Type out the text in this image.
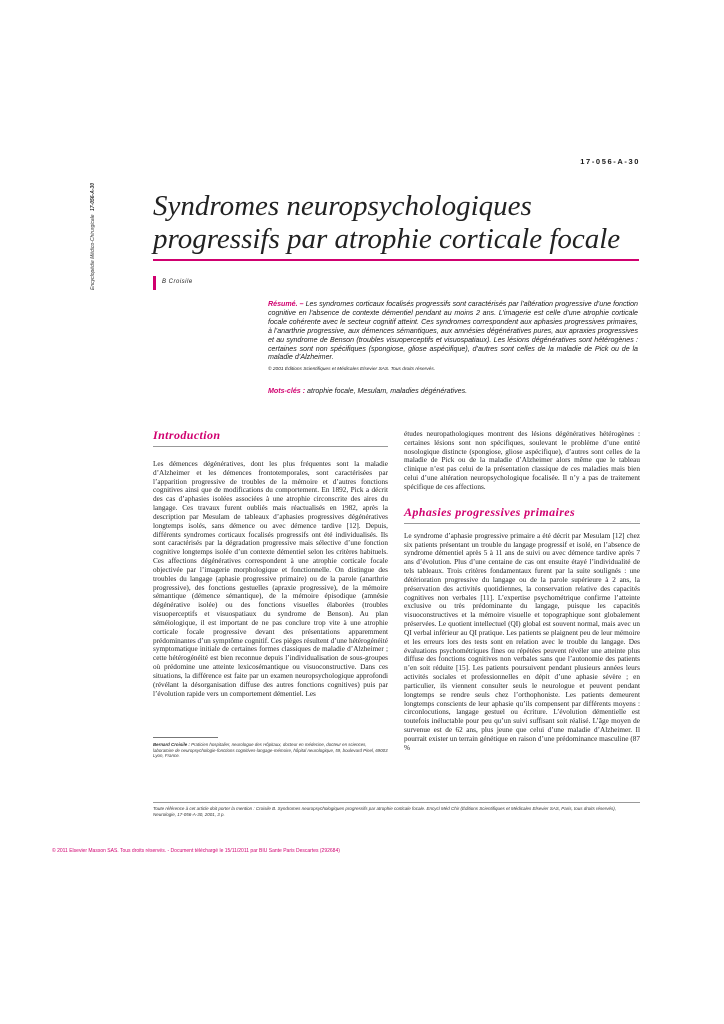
Encyclopédie Médico-Chirurgicale 17-056-A-30
17-056-A-30
Syndromes neuropsychologiques progressifs par atrophie corticale focale
B Croisile

Résumé. – Les syndromes corticaux focalisés progressifs sont caractérisés par l’altération progressive d’une fonction cognitive en l’absence de contexte démentiel pendant au moins 2 ans. L’imagerie est celle d’une atrophie corticale focale cohérente avec le secteur cognitif atteint. Ces syndromes correspondent aux aphasies progressives primaires, à l’anarthrie progressive, aux démences sémantiques, aux amnésies dégénératives pures, aux apraxies progressives et au syndrome de Benson (troubles visuoperceptifs et visuospatiaux). Les lésions dégénératives sont hétérogènes : certaines sont non spécifiques (spongiose, gliose aspécifique), d’autres sont celles de la maladie de Pick ou de la maladie d’Alzheimer.

© 2001 Éditions Scientifiques et Médicales Elsevier SAS. Tous droits réservés.
Mots-clés : atrophie focale, Mesulam, maladies dégénératives.
Introduction

Les démences dégénératives, dont les plus fréquentes sont la maladie d’Alzheimer et les démences frontotemporales, sont caractérisées par l’apparition progressive de troubles de la mémoire et d’autres fonctions cognitives ainsi que de modifications du comportement. En 1892, Pick a décrit des cas d’aphasies isolées associées à une atrophie circonscrite des aires du langage. Ces travaux furent oubliés mais réactualisés en 1982, après la description par Mesulam de tableaux d’aphasies progressives dégénératives longtemps isolés, sans démence ou avec démence tardive [12]. Depuis, différents syndromes corticaux focalisés progressifs ont été individualisés. Ils sont caractérisés par la dégradation progressive mais sélective d’une fonction cognitive longtemps isolée d’un contexte démentiel selon les critères habituels. Ces affections dégénératives correspondent à une atrophie corticale focale objectivée par l’imagerie morphologique et fonctionnelle. On distingue des troubles du langage (aphasie progressive primaire) ou de la parole (anarthrie progressive), des fonctions gestuelles (apraxie progressive), de la mémoire sémantique (démence sémantique), de la mémoire épisodique (amnésie dégénérative isolée) ou des fonctions visuelles élaborées (troubles visuoperceptifs et visuospatiaux du syndrome de Benson). Au plan séméiologique, il est important de ne pas conclure trop vite à une atrophie corticale focale progressive devant des présentations apparemment prédominantes d’un symptôme cognitif. Ces pièges résultent d’une hétérogénéité symptomatique initiale de certaines formes classiques de maladie d’Alzheimer ; cette hétérogénéité est bien reconnue depuis l’individualisation de sous-groupes où prédomine une atteinte lexicosémantique ou visuoconstructive. Dans ces situations, la différence est faite par un examen neuropsychologique approfondi (révélant la désorganisation diffuse des autres fonctions cognitives) puis par l’évolution rapide vers un comportement démentiel. Les

études neuropathologiques montrent des lésions dégénératives hétérogènes : certaines lésions sont non spécifiques, soulevant le problème d’une entité nosologique distincte (spongiose, gliose aspécifique), d’autres sont celles de la maladie de Pick ou de la maladie d’Alzheimer alors même que le tableau clinique n’est pas celui de la présentation classique de ces maladies mais bien celui d’une altération neuropsychologique focalisée. Il n’y a pas de traitement spécifique de ces affections.

Aphasies progressives primaires

Le syndrome d’aphasie progressive primaire a été décrit par Mesulam [12] chez six patients présentant un trouble du langage progressif et isolé, en l’absence de syndrome démentiel après 5 à 11 ans de suivi ou avec démence tardive après 7 ans d’évolution. Plus d’une centaine de cas ont ensuite étayé l’individualité de tels tableaux. Trois critères fondamentaux furent par la suite soulignés : une détérioration progressive du langage ou de la parole supérieure à 2 ans, la préservation des activités quotidiennes, la conservation relative des capacités cognitives non verbales [11]. L’expertise psychométrique confirme l’atteinte exclusive ou très prédominante du langage, puisque les capacités visuoconstructives et la mémoire visuelle et topographique sont globalement préservées. Le quotient intellectuel (QI) global est souvent normal, mais avec un QI verbal inférieur au QI pratique. Les patients se plaignent peu de leur mémoire et les erreurs lors des tests sont en relation avec le trouble du langage. Des évaluations psychométriques fines ou répétées peuvent révéler une atteinte plus diffuse des fonctions cognitives non verbales sans que l’autonomie des patients n’en soit réduite [15]. Les patients poursuivent pendant plusieurs années leurs activités sociales et professionnelles en dépit d’une aphasie sévère ; en particulier, ils viennent consulter seuls le neurologue et peuvent pendant longtemps se rendre seuls chez l’orthophoniste. Les patients demeurent longtemps conscients de leur aphasie qu’ils compensent par différents moyens : circonlocutions, langage gestuel ou écriture. L’évolution démentielle est toutefois inéluctable pour peu qu’un suivi suffisant soit réalisé. L’âge moyen de survenue est de 62 ans, plus jeune que celui d’une maladie d’Alzheimer. Il pourrait exister un terrain génétique en raison d’une prédominance masculine (87 %

Bernard Croisile : Praticien hospitalier, neurologue des Hôpitaux, docteur en médecine, docteur en sciences, laboratoire de neuropsychologie-fonctions cognitives-langage-mémoire, hôpital neurologique, 59, boulevard Pinel, 69003 Lyon, France.

Toute référence à cet article doit porter la mention : Croisile B. Syndromes neuropsychologiques progressifs par atrophie corticale focale. Encycl Méd Chir (Éditions Scientifiques et Médicales Elsevier SAS, Paris, tous droits réservés), Neurologie, 17-056-A-30, 2001, 3 p.

© 2011 Elsevier Masson SAS. Tous droits réservés. - Document téléchargé le 15/11/2011 par BIU Sante Paris Descartes (292684)
